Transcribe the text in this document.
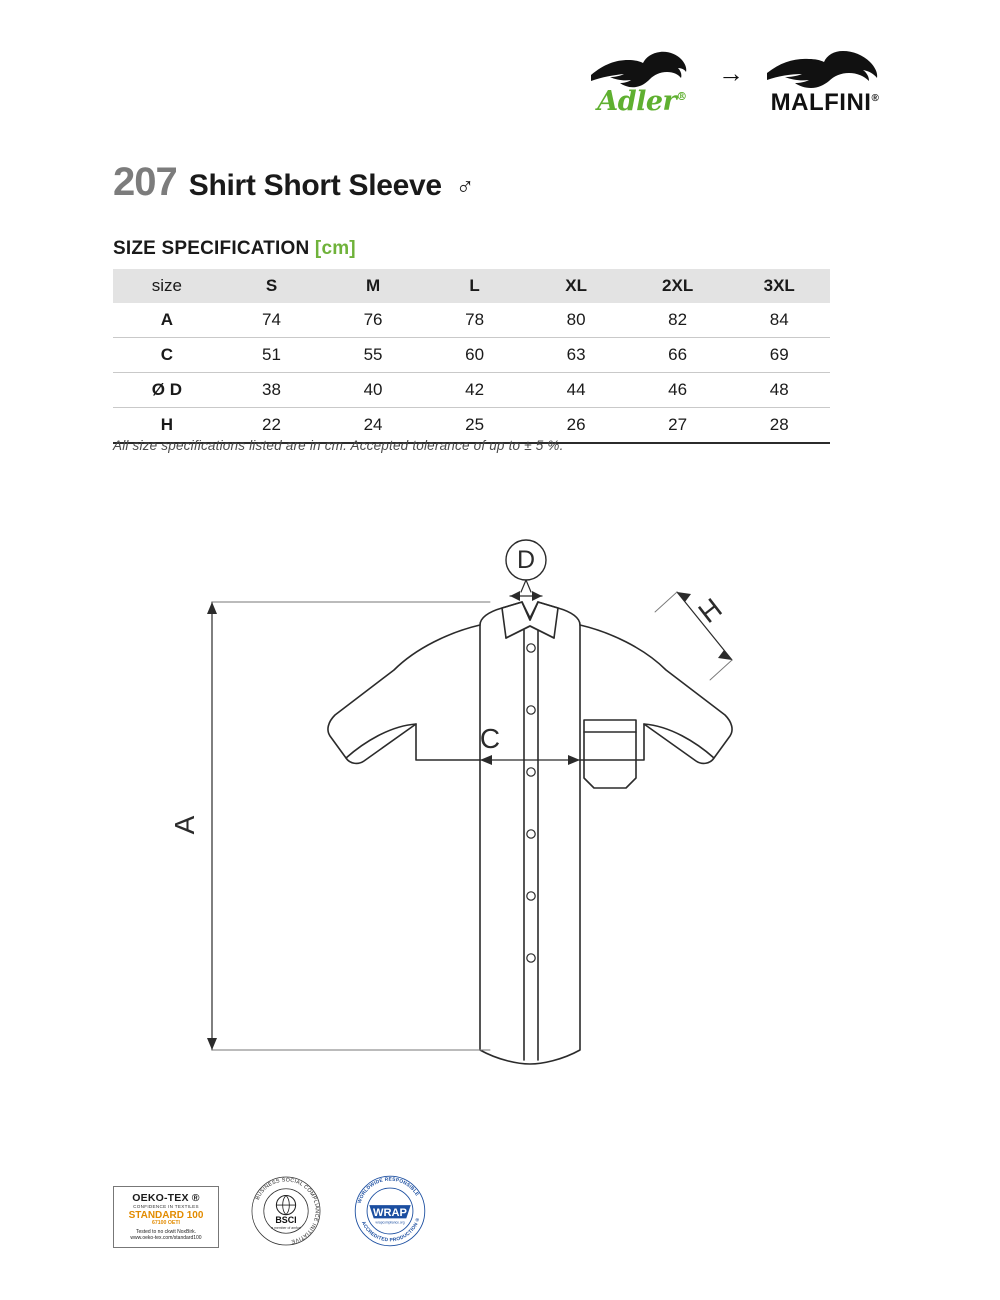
Adler®
→
MALFINI®
207 Shirt Short Sleeve ♂
SIZE SPECIFICATION [cm]
size	S	M	L	XL	2XL	3XL
A	74	76	78	80	82	84
C	51	55	60	63	66	69
Ø D	38	40	42	44	46	48
H	22	24	25	26	27	28
All size specifications listed are in cm. Accepted tolerance of up to ± 5 %.
D
A
C
H
OEKO-TEX ®
CONFIDENCE IN TEXTILES
STANDARD 100
67100 OETI
Tested to no ckwit NoxBirk.
www.oeko-tex.com/standard100
BUSINESS SOCIAL COMPLIANCE INITIATIVE
BSCI
a member of amfori
WORLDWIDE RESPONSIBLE
ACCREDITED PRODUCTION ®
WRAP
wrapcompliance.org
